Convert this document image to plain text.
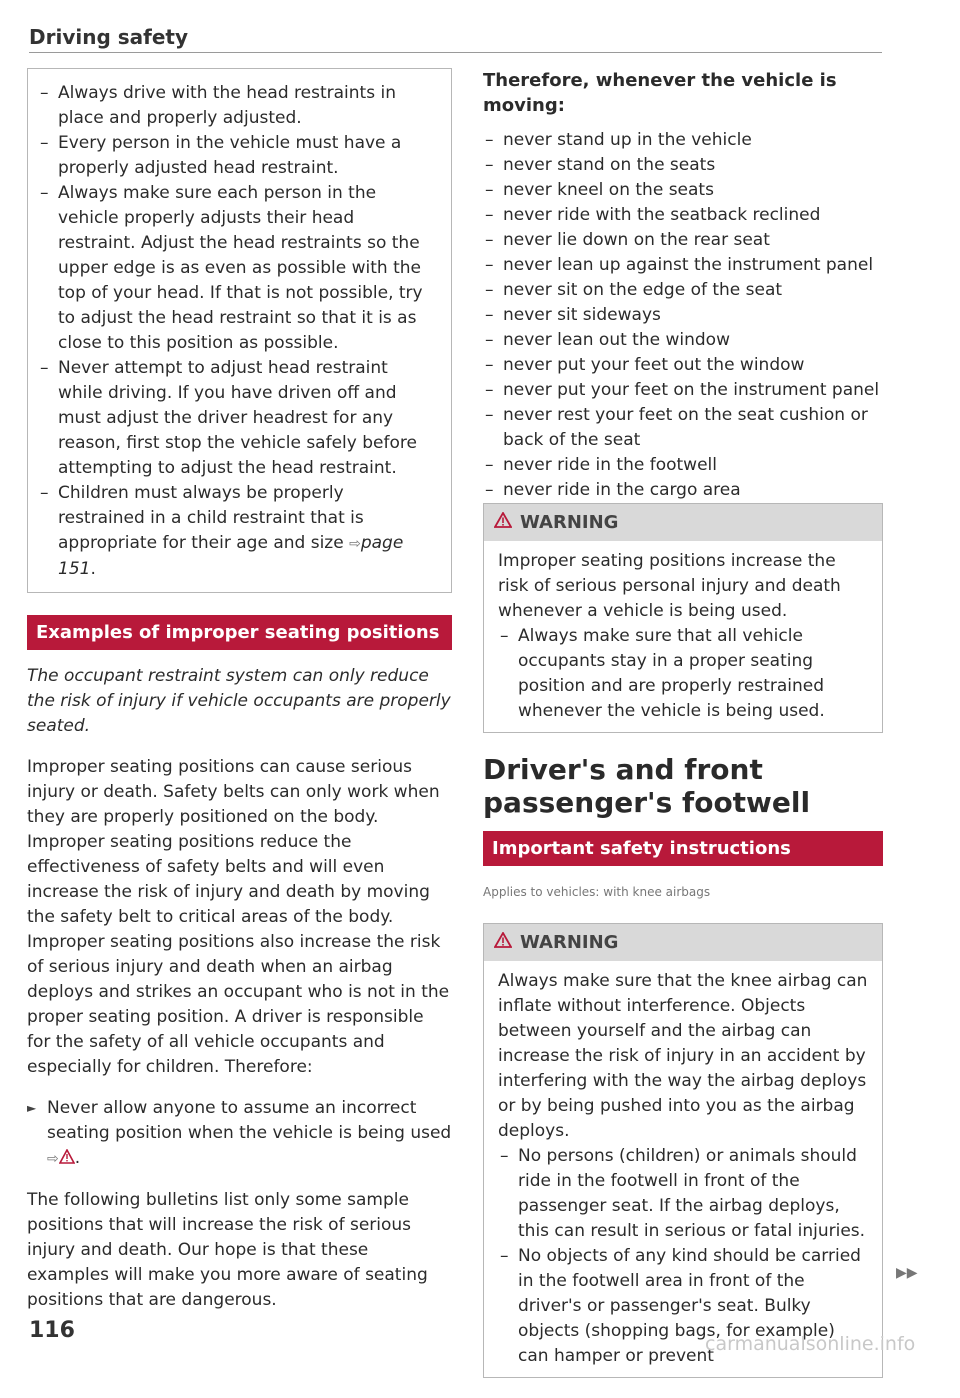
Driving safety
– Always drive with the head restraints in place and properly adjusted.
– Every person in the vehicle must have a properly adjusted head restraint.
– Always make sure each person in the vehicle properly adjusts their head restraint. Adjust the head restraints so the upper edge is as even as possible with the top of your head. If that is not possible, try to adjust the head restraint so that it is as close to this position as possible.
– Never attempt to adjust head restraint while driving. If you have driven off and must adjust the driver headrest for any reason, first stop the vehicle safely before attempting to adjust the head restraint.
– Children must always be properly restrained in a child restraint that is appropriate for their age and size ⇨page 151.
Examples of improper seating positions

The occupant restraint system can only reduce the risk of injury if vehicle occupants are properly seated.

Improper seating positions can cause serious injury or death. Safety belts can only work when they are properly positioned on the body. Improper seating positions reduce the effectiveness of safety belts and will even increase the risk of injury and death by moving the safety belt to critical areas of the body. Improper seating positions also increase the risk of serious injury and death when an airbag deploys and strikes an occupant who is not in the proper seating position. A driver is responsible for the safety of all vehicle occupants and especially for children. Therefore:

► Never allow anyone to assume an incorrect seating position when the vehicle is being used ⇨ .

The following bulletins list only some sample positions that will increase the risk of serious injury and death. Our hope is that these examples will make you more aware of seating positions that are dangerous.

Therefore, whenever the vehicle is moving:
– never stand up in the vehicle
– never stand on the seats
– never kneel on the seats
– never ride with the seatback reclined
– never lie down on the rear seat
– never lean up against the instrument panel
– never sit on the edge of the seat
– never sit sideways
– never lean out the window
– never put your feet out the window
– never put your feet on the instrument panel
– never rest your feet on the seat cushion or back of the seat
– never ride in the footwell
– never ride in the cargo area
WARNING

Improper seating positions increase the risk of serious personal injury and death whenever a vehicle is being used.

– Always make sure that all vehicle occupants stay in a proper seating position and are properly restrained whenever the vehicle is being used.
Driver's and front passenger's footwell
Important safety instructions
Applies to vehicles: with knee airbags
WARNING

Always make sure that the knee airbag can inflate without interference. Objects between yourself and the airbag can increase the risk of injury in an accident by interfering with the way the airbag deploys or by being pushed into you as the airbag deploys.

– No persons (children) or animals should ride in the footwell in front of the passenger seat. If the airbag deploys, this can result in serious or fatal injuries.
– No objects of any kind should be carried in the footwell area in front of the driver's or passenger's seat. Bulky objects (shopping bags, for example) can hamper or prevent
▶▶
116
carmanualsonline.info
